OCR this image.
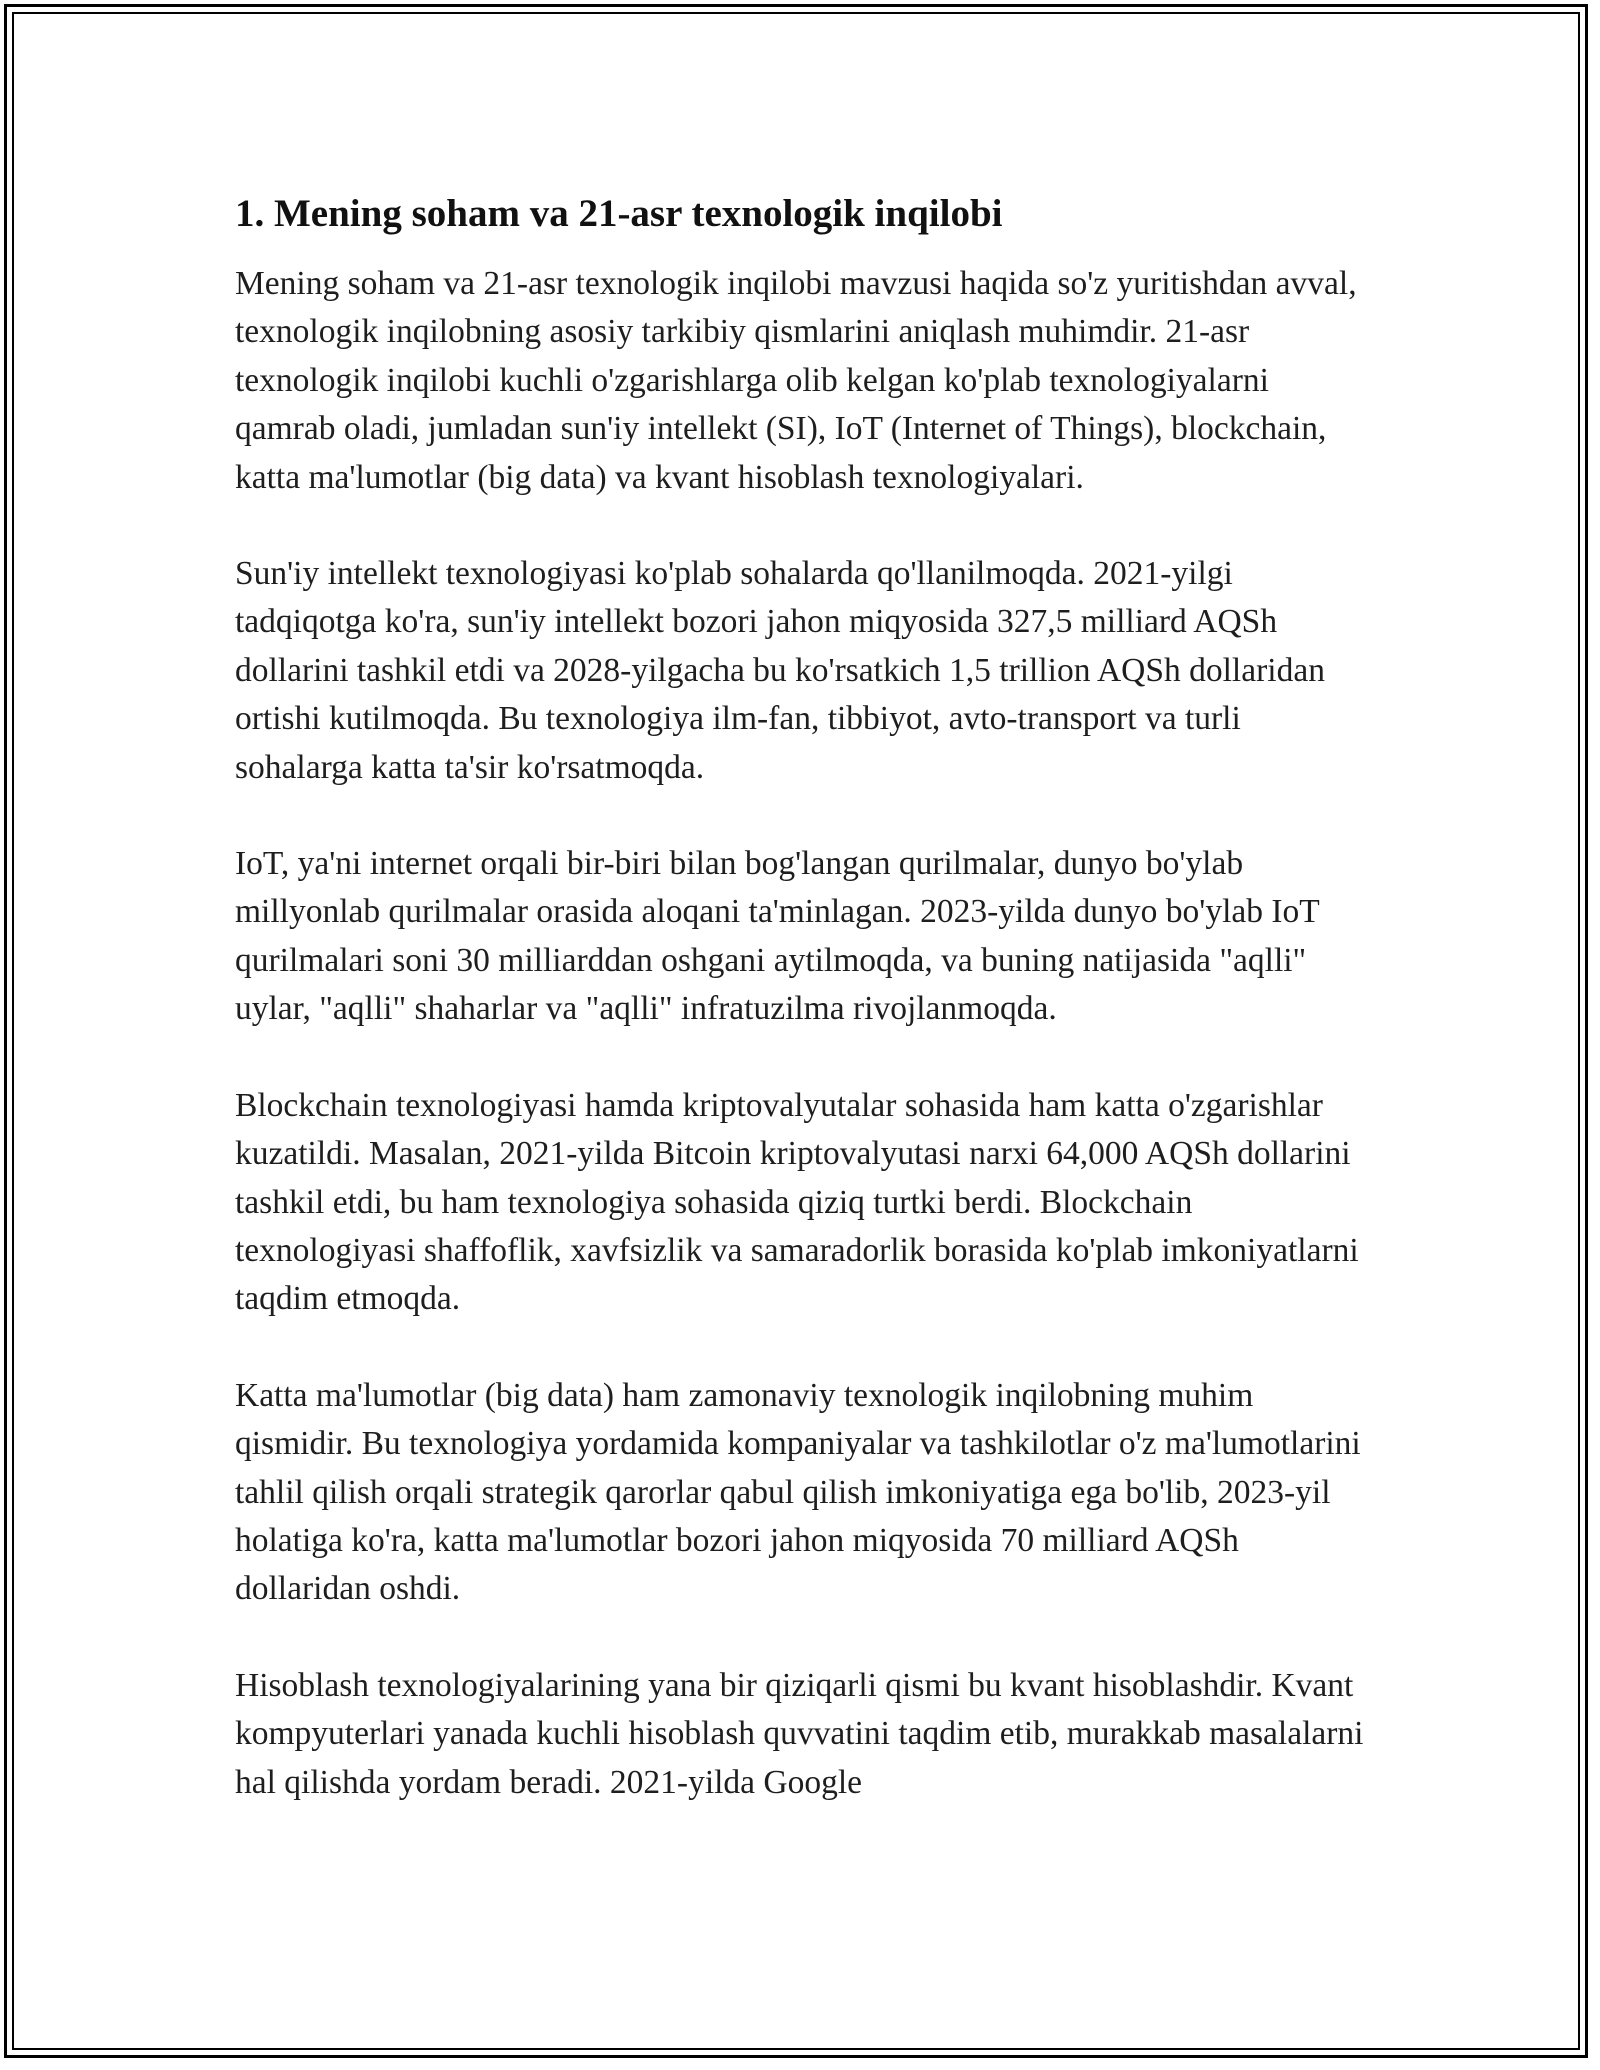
1. Mening soham va 21-asr texnologik inqilobi

Mening soham va 21-asr texnologik inqilobi mavzusi haqida so'z yuritishdan avval, texnologik inqilobning asosiy tarkibiy qismlarini aniqlash muhimdir. 21-asr texnologik inqilobi kuchli o'zgarishlarga olib kelgan ko'plab texnologiyalarni qamrab oladi, jumladan sun'iy intellekt (SI), IoT (Internet of Things), blockchain, katta ma'lumotlar (big data) va kvant hisoblash texnologiyalari.

Sun'iy intellekt texnologiyasi ko'plab sohalarda qo'llanilmoqda. 2021-yilgi tadqiqotga ko'ra, sun'iy intellekt bozori jahon miqyosida 327,5 milliard AQSh dollarini tashkil etdi va 2028-yilgacha bu ko'rsatkich 1,5 trillion AQSh dollaridan ortishi kutilmoqda. Bu texnologiya ilm-fan, tibbiyot, avto-transport va turli sohalarga katta ta'sir ko'rsatmoqda.

IoT, ya'ni internet orqali bir-biri bilan bog'langan qurilmalar, dunyo bo'ylab millyonlab qurilmalar orasida aloqani ta'minlagan. 2023-yilda dunyo bo'ylab IoT qurilmalari soni 30 milliarddan oshgani aytilmoqda, va buning natijasida "aqlli" uylar, "aqlli" shaharlar va "aqlli" infratuzilma rivojlanmoqda.

Blockchain texnologiyasi hamda kriptovalyutalar sohasida ham katta o'zgarishlar kuzatildi. Masalan, 2021-yilda Bitcoin kriptovalyutasi narxi 64,000 AQSh dollarini tashkil etdi, bu ham texnologiya sohasida qiziq turtki berdi. Blockchain texnologiyasi shaffoflik, xavfsizlik va samaradorlik borasida ko'plab imkoniyatlarni taqdim etmoqda.

Katta ma'lumotlar (big data) ham zamonaviy texnologik inqilobning muhim qismidir. Bu texnologiya yordamida kompaniyalar va tashkilotlar o'z ma'lumotlarini tahlil qilish orqali strategik qarorlar qabul qilish imkoniyatiga ega bo'lib, 2023-yil holatiga ko'ra, katta ma'lumotlar bozori jahon miqyosida 70 milliard AQSh dollaridan oshdi.

Hisoblash texnologiyalarining yana bir qiziqarli qismi bu kvant hisoblashdir. Kvant kompyuterlari yanada kuchli hisoblash quvvatini taqdim etib, murakkab masalalarni hal qilishda yordam beradi. 2021-yilda Google
